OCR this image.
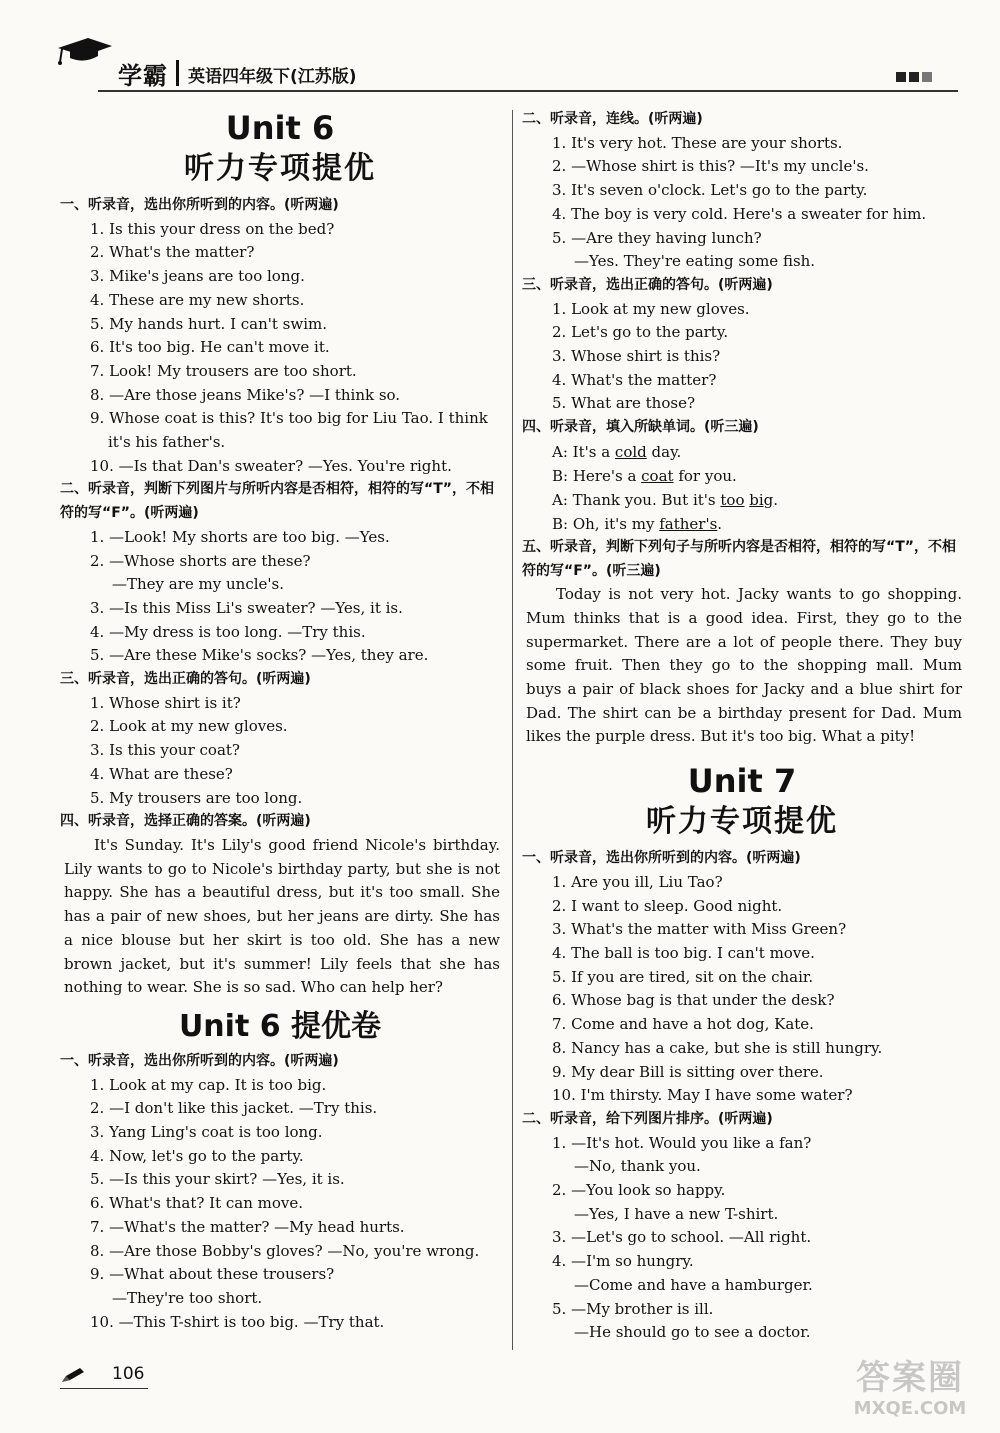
学霸 英语四年级下(江苏版)
Unit 6
听力专项提优

一、听录音，选出你所听到的内容。(听两遍)

1. Is this your dress on the bed?

2. What's the matter?

3. Mike's jeans are too long.

4. These are my new shorts.

5. My hands hurt. I can't swim.

6. It's too big. He can't move it.

7. Look! My trousers are too short.

8. —Are those jeans Mike's? —I think so.

9. Whose coat is this? It's too big for Liu Tao. I think

it's his father's.

10. —Is that Dan's sweater? —Yes. You're right.

二、听录音，判断下列图片与所听内容是否相符，相符的写“T”，不相符的写“F”。(听两遍)

1. —Look! My shorts are too big. —Yes.

2. —Whose shorts are these?

—They are my uncle's.

3. —Is this Miss Li's sweater? —Yes, it is.

4. —My dress is too long. —Try this.

5. —Are these Mike's socks? —Yes, they are.

三、听录音，选出正确的答句。(听两遍)

1. Whose shirt is it?

2. Look at my new gloves.

3. Is this your coat?

4. What are these?

5. My trousers are too long.

四、听录音，选择正确的答案。(听两遍)

It's Sunday. It's Lily's good friend Nicole's birthday. Lily wants to go to Nicole's birthday party, but she is not happy. She has a beautiful dress, but it's too small. She has a pair of new shoes, but her jeans are dirty. She has a nice blouse but her skirt is too old. She has a new brown jacket, but it's summer! Lily feels that she has nothing to wear. She is so sad. Who can help her?

Unit 6 提优卷

一、听录音，选出你所听到的内容。(听两遍)

1. Look at my cap. It is too big.

2. —I don't like this jacket. —Try this.

3. Yang Ling's coat is too long.

4. Now, let's go to the party.

5. —Is this your skirt? —Yes, it is.

6. What's that? It can move.

7. —What's the matter? —My head hurts.

8. —Are those Bobby's gloves? —No, you're wrong.

9. —What about these trousers?

—They're too short.

10. —This T-shirt is too big. —Try that.

二、听录音，连线。(听两遍)

1. It's very hot. These are your shorts.

2. —Whose shirt is this? —It's my uncle's.

3. It's seven o'clock. Let's go to the party.

4. The boy is very cold. Here's a sweater for him.

5. —Are they having lunch?

—Yes. They're eating some fish.

三、听录音，选出正确的答句。(听两遍)

1. Look at my new gloves.

2. Let's go to the party.

3. Whose shirt is this?

4. What's the matter?

5. What are those?

四、听录音，填入所缺单词。(听三遍)

A: It's a cold day.

B: Here's a coat for you.

A: Thank you. But it's too big.

B: Oh, it's my father's.

五、听录音，判断下列句子与所听内容是否相符，相符的写“T”，不相符的写“F”。(听三遍)

Today is not very hot. Jacky wants to go shopping. Mum thinks that is a good idea. First, they go to the supermarket. There are a lot of people there. They buy some fruit. Then they go to the shopping mall. Mum buys a pair of black shoes for Jacky and a blue shirt for Dad. The shirt can be a birthday present for Dad. Mum likes the purple dress. But it's too big. What a pity!

Unit 7
听力专项提优

一、听录音，选出你所听到的内容。(听两遍)

1. Are you ill, Liu Tao?

2. I want to sleep. Good night.

3. What's the matter with Miss Green?

4. The ball is too big. I can't move.

5. If you are tired, sit on the chair.

6. Whose bag is that under the desk?

7. Come and have a hot dog, Kate.

8. Nancy has a cake, but she is still hungry.

9. My dear Bill is sitting over there.

10. I'm thirsty. May I have some water?

二、听录音，给下列图片排序。(听两遍)

1. —It's hot. Would you like a fan?

—No, thank you.

2. —You look so happy.

—Yes, I have a new T-shirt.

3. —Let's go to school. —All right.

4. —I'm so hungry.

—Come and have a hamburger.

5. —My brother is ill.

—He should go to see a doctor.

106	答案圈
MXQE.COM
